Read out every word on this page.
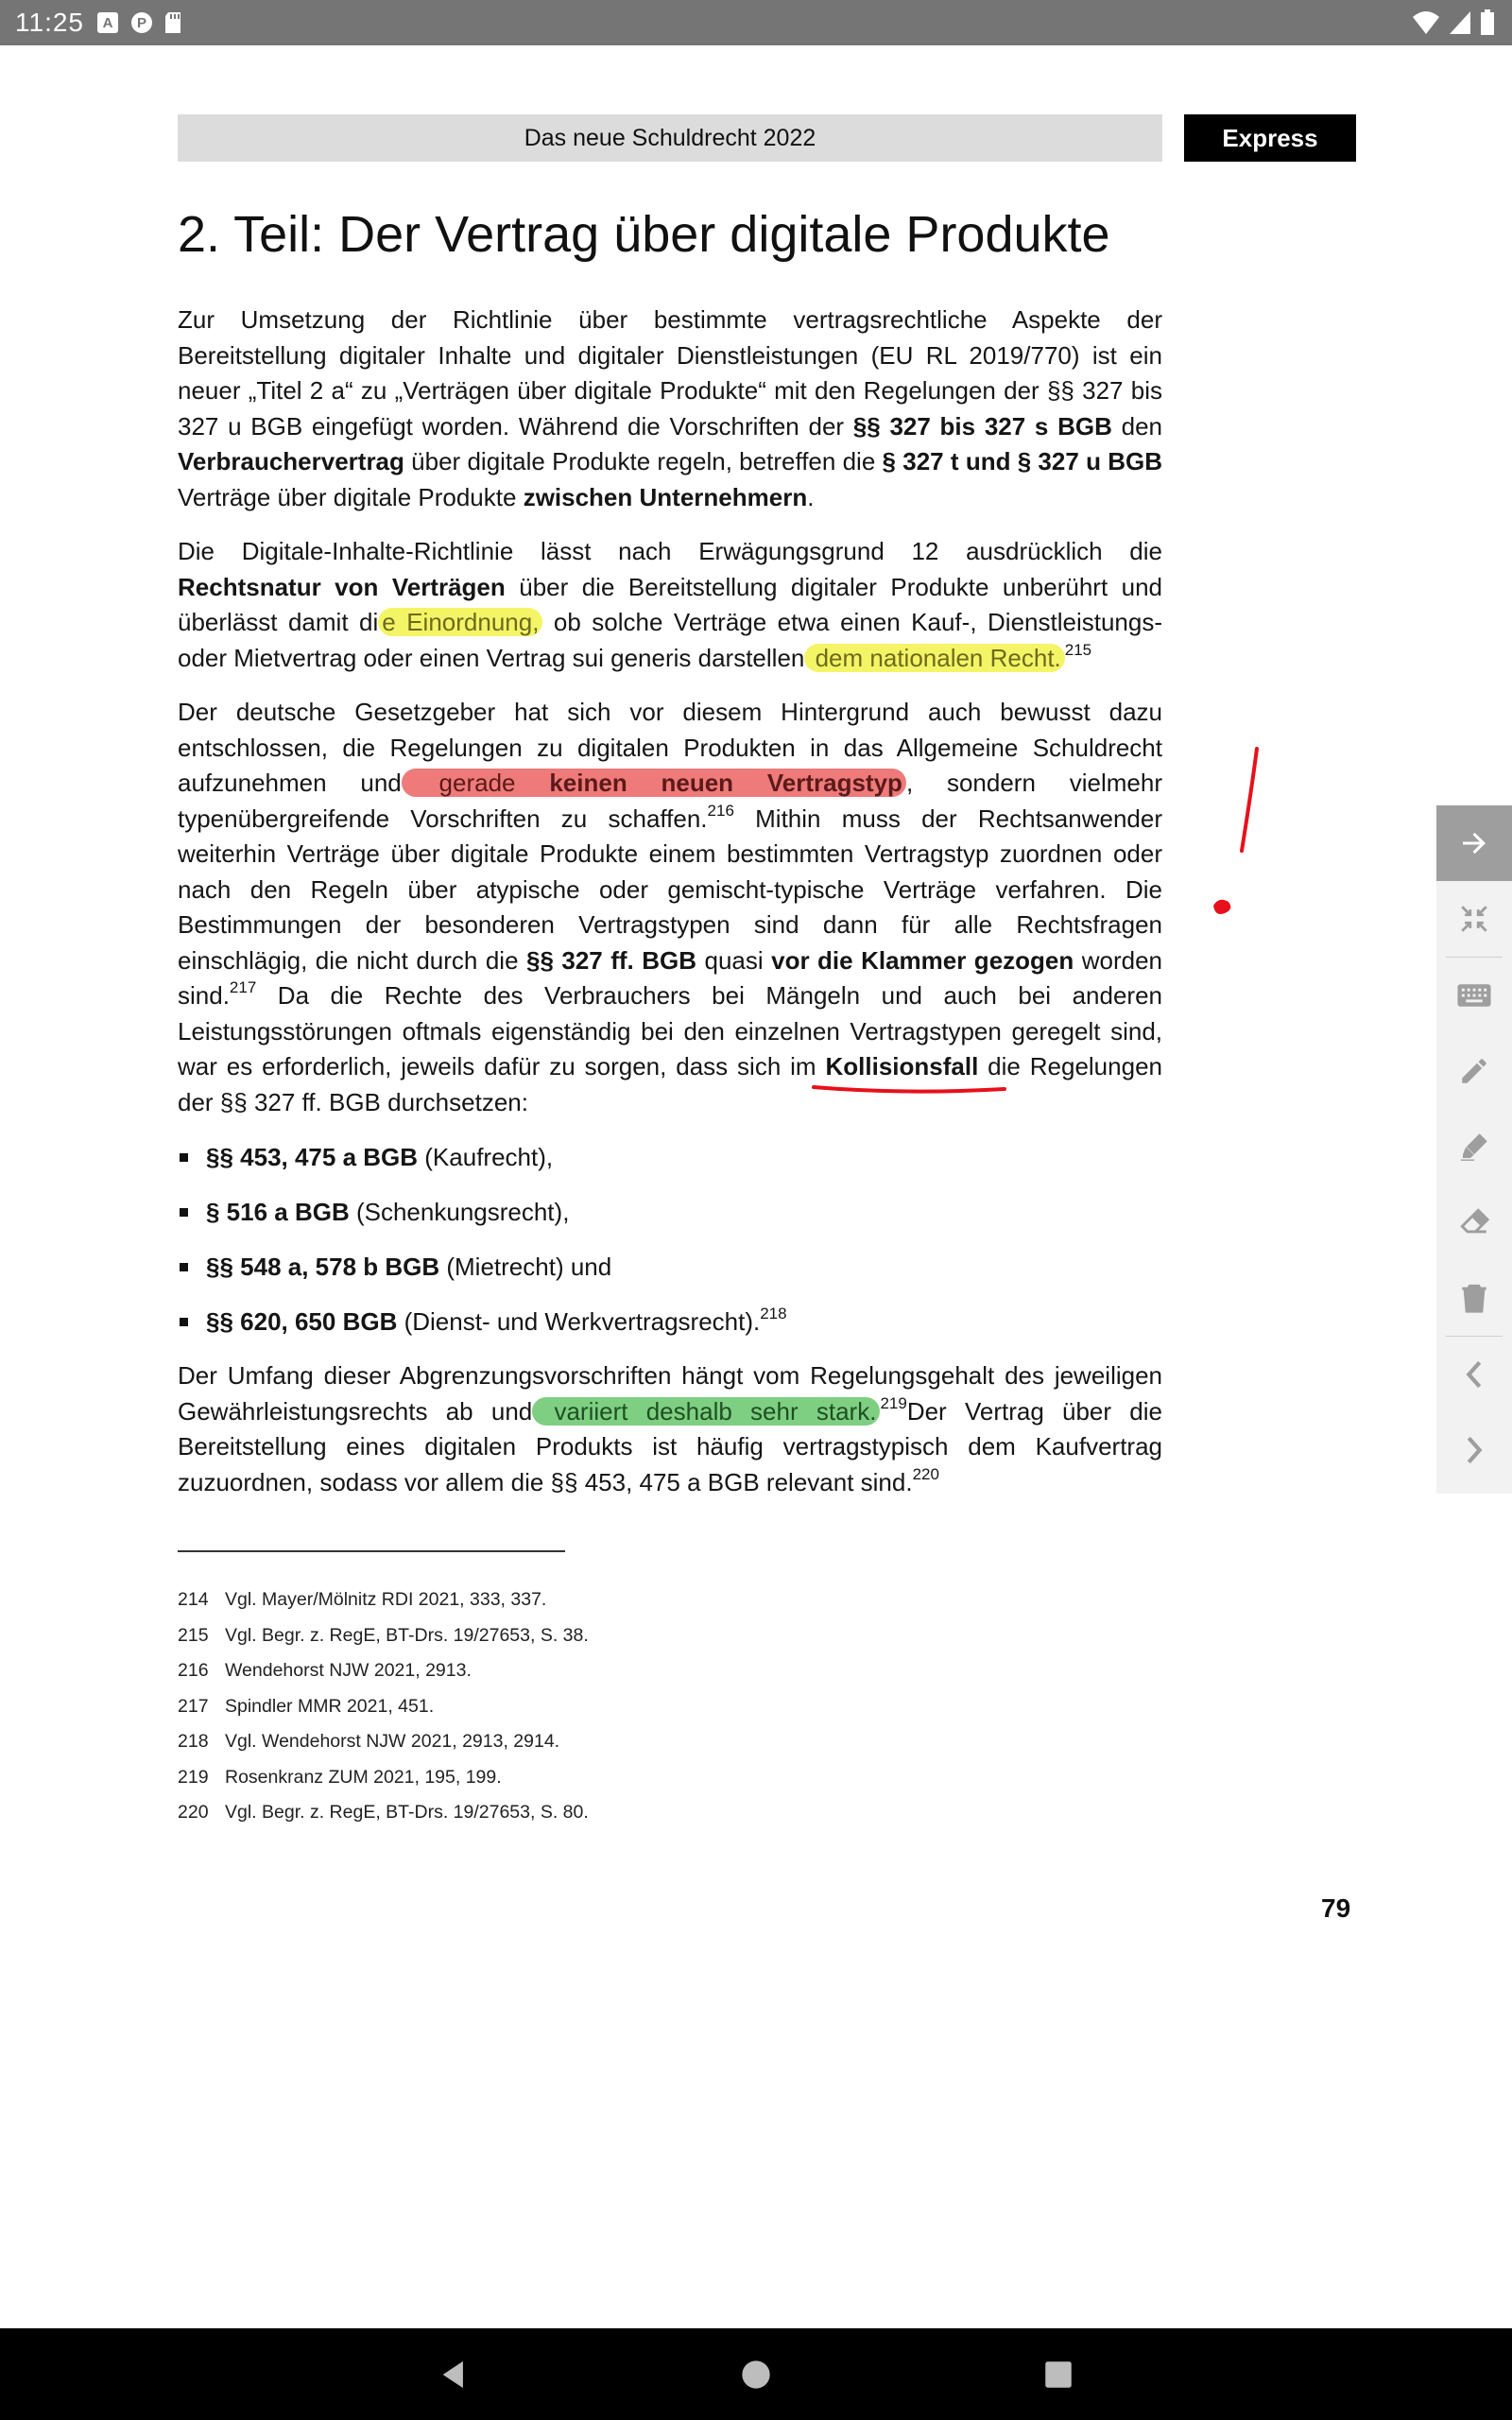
11:25	A	P
Das neue Schuldrecht 2022	Express
2. Teil: Der Vertrag über digitale Produkte

Zur Umsetzung der Richtlinie über bestimmte vertragsrechtliche Aspekte der Bereitstellung digitaler Inhalte und digitaler Dienstleistungen (EU RL 2019/770) ist ein neuer „Titel 2 a“ zu „Verträgen über digitale Produkte“ mit den Regelungen der §§ 327 bis 327 u BGB eingefügt worden. Während die Vorschriften der §§ 327 bis 327 s BGB den Verbrauchervertrag über digitale Produkte regeln, betreffen die § 327 t und § 327 u BGB Verträge über digitale Produkte zwischen Unternehmern.

Die Digitale-Inhalte-Richtlinie lässt nach Erwägungsgrund 12 ausdrücklich die Rechtsnatur von Verträgen über die Bereitstellung digitaler Produkte unberührt und überlässt damit di e Einordnung, ob solche Verträge etwa einen Kauf-, Dienstleistungs- oder Mietvertrag oder einen Vertrag sui generis darstellen dem nationalen Recht. $^{215}$

Der deutsche Gesetzgeber hat sich vor diesem Hintergrund auch bewusst dazu entschlossen, die Regelungen zu digitalen Produkten in das Allgemeine Schuldrecht aufzunehmen und gerade keinen neuen Vertragstyp , sondern vielmehr typenübergreifende Vorschriften zu schaffen.$^{216}$ Mithin muss der Rechtsanwender weiterhin Verträge über digitale Produkte einem bestimmten Vertragstyp zuordnen oder nach den Regeln über atypische oder gemischt-typische Verträge verfahren. Die Bestimmungen der besonderen Vertragstypen sind dann für alle Rechtsfragen einschlägig, die nicht durch die §§ 327 ff. BGB quasi vor die Klammer gezogen worden sind.$^{217}$ Da die Rechte des Verbrauchers bei Mängeln und auch bei anderen Leistungsstörungen oftmals eigenständig bei den einzelnen Vertragstypen geregelt sind, war es erforderlich, jeweils dafür zu sorgen, dass sich im Kollisionsfall
die Regelungen der §§ 327 ff. BGB durchsetzen:

§§ 453, 475 a BGB (Kaufrecht),
§ 516 a BGB (Schenkungsrecht),
§§ 548 a, 578 b BGB (Mietrecht) und
§§ 620, 650 BGB (Dienst- und Werkvertragsrecht).$^{218}$

Der Umfang dieser Abgrenzungsvorschriften hängt vom Regelungsgehalt des jeweiligen Gewährleistungsrechts ab und variiert deshalb sehr stark. $^{219}$Der Vertrag über die Bereitstellung eines digitalen Produkts ist häufig vertragstypisch dem Kaufvertrag zuzuordnen, sodass vor allem die §§ 453, 475 a BGB relevant sind.$^{220}$

214 Vgl. Mayer/Mölnitz RDI 2021, 333, 337.
215 Vgl. Begr. z. RegE, BT-Drs. 19/27653, S. 38.
216 Wendehorst NJW 2021, 2913.
217 Spindler MMR 2021, 451.
218 Vgl. Wendehorst NJW 2021, 2913, 2914.
219 Rosenkranz ZUM 2021, 195, 199.
220 Vgl. Begr. z. RegE, BT-Drs. 19/27653, S. 80.
79
